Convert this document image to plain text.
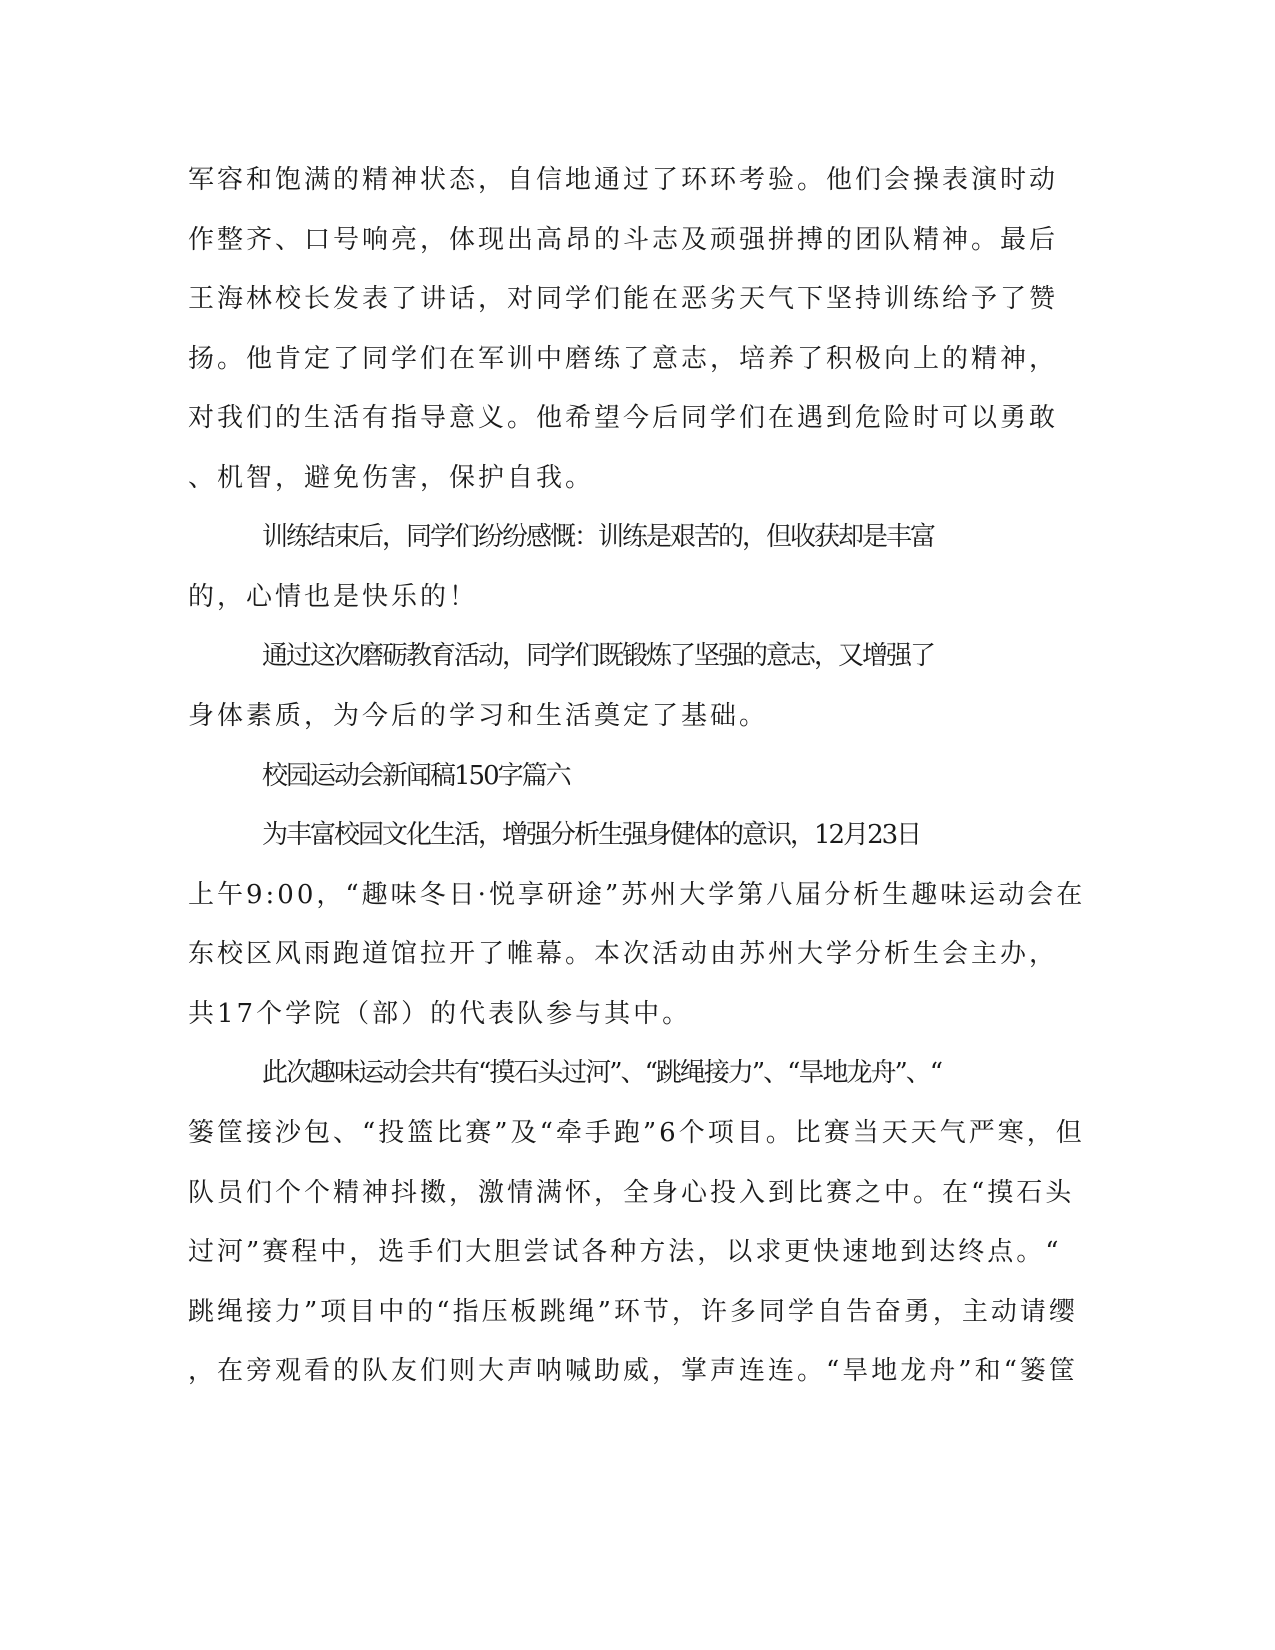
军容和饱满的精神状态，自信地通过了环环考验。他们会操表演时动
作整齐、口号响亮，体现出高昂的斗志及顽强拼搏的团队精神。最后
王海林校长发表了讲话，对同学们能在恶劣天气下坚持训练给予了赞
扬。他肯定了同学们在军训中磨练了意志，培养了积极向上的精神，
对我们的生活有指导意义。他希望今后同学们在遇到危险时可以勇敢
、机智，避免伤害，保护自我。
训练结束后，同学们纷纷感慨：训练是艰苦的，但收获却是丰富
的，心情也是快乐的！
通过这次磨砺教育活动，同学们既锻炼了坚强的意志，又增强了
身体素质，为今后的学习和生活奠定了基础。
校园运动会新闻稿150字篇六
为丰富校园文化生活，增强分析生强身健体的意识，12月23日
上午9:00，“趣味冬日·悦享研途”苏州大学第八届分析生趣味运动会在
东校区风雨跑道馆拉开了帷幕。本次活动由苏州大学分析生会主办，
共17个学院（部）的代表队参与其中。
此次趣味运动会共有“摸石头过河”、“跳绳接力”、“旱地龙舟”、“
篓筐接沙包、“投篮比赛”及“牵手跑”6个项目。比赛当天天气严寒，但
队员们个个精神抖擞，激情满怀，全身心投入到比赛之中。在“摸石头
过河”赛程中，选手们大胆尝试各种方法，以求更快速地到达终点。“
跳绳接力”项目中的“指压板跳绳”环节，许多同学自告奋勇，主动请缨
，在旁观看的队友们则大声呐喊助威，掌声连连。“旱地龙舟”和“篓筐
